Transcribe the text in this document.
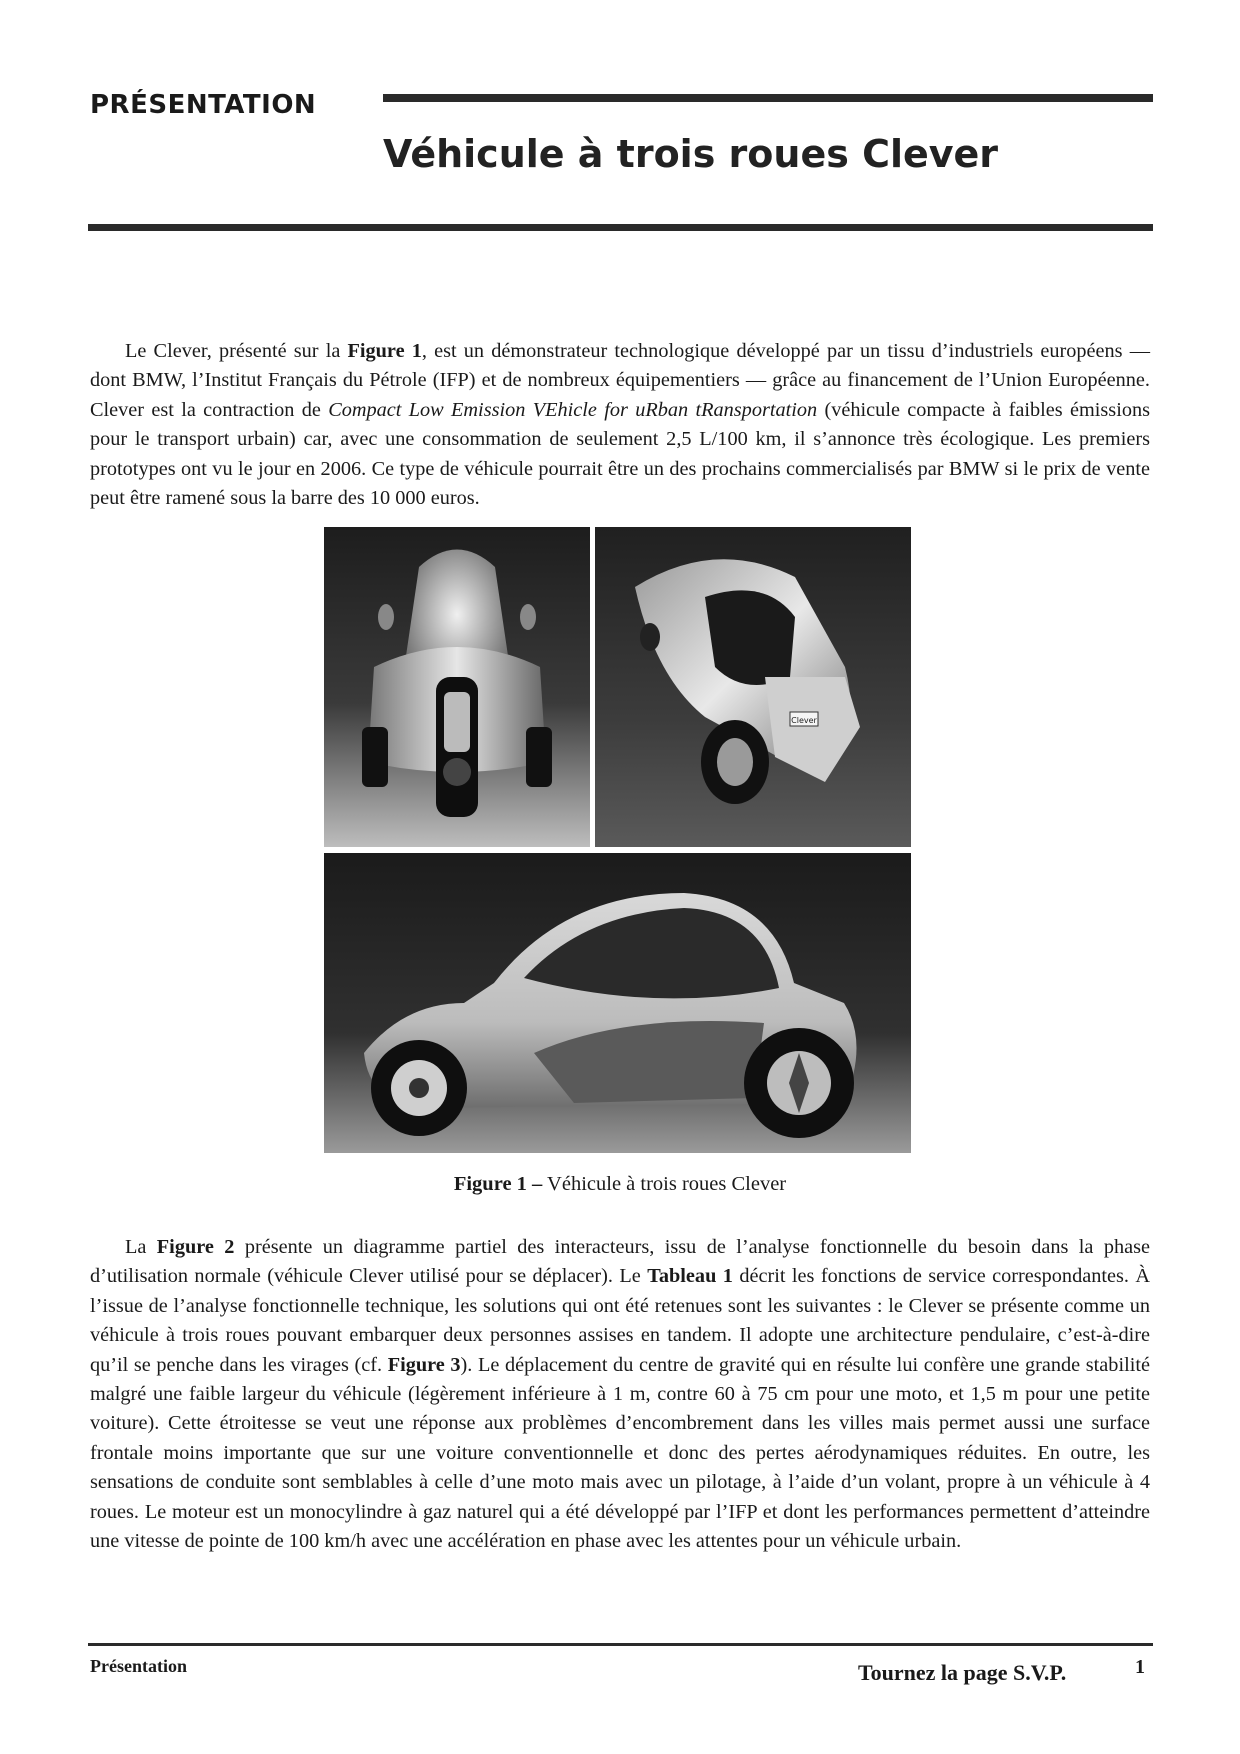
PRÉSENTATION
Véhicule à trois roues Clever

Le Clever, présenté sur la Figure 1, est un démonstrateur technologique développé par un tissu d’industriels européens — dont BMW, l’Institut Français du Pétrole (IFP) et de nombreux équipementiers — grâce au financement de l’Union Européenne. Clever est la contraction de Compact Low Emission VEhicle for uRban tRansportation (véhicule compacte à faibles émissions pour le transport urbain) car, avec une consommation de seulement 2,5 L/100 km, il s’annonce très écologique. Les premiers prototypes ont vu le jour en 2006. Ce type de véhicule pourrait être un des prochains commercialisés par BMW si le prix de vente peut être ramené sous la barre des 10 000 euros.

Clever
Figure 1 – Véhicule à trois roues Clever

La Figure 2 présente un diagramme partiel des interacteurs, issu de l’analyse fonctionnelle du besoin dans la phase d’utilisation normale (véhicule Clever utilisé pour se déplacer). Le Tableau 1 décrit les fonctions de service correspondantes. À l’issue de l’analyse fonctionnelle technique, les solutions qui ont été retenues sont les suivantes : le Clever se présente comme un véhicule à trois roues pouvant embarquer deux personnes assises en tandem. Il adopte une architecture pendulaire, c’est-à-dire qu’il se penche dans les virages (cf. Figure 3). Le déplacement du centre de gravité qui en résulte lui confère une grande stabilité malgré une faible largeur du véhicule (légèrement inférieure à 1 m, contre 60 à 75 cm pour une moto, et 1,5 m pour une petite voiture). Cette étroitesse se veut une réponse aux problèmes d’encombrement dans les villes mais permet aussi une surface frontale moins importante que sur une voiture conventionnelle et donc des pertes aérodynamiques réduites. En outre, les sensations de conduite sont semblables à celle d’une moto mais avec un pilotage, à l’aide d’un volant, propre à un véhicule à 4 roues. Le moteur est un monocylindre à gaz naturel qui a été développé par l’IFP et dont les performances permettent d’atteindre une vitesse de pointe de 100 km/h avec une accélération en phase avec les attentes pour un véhicule urbain.

Présentation	Tournez la page S.V.P.	1
